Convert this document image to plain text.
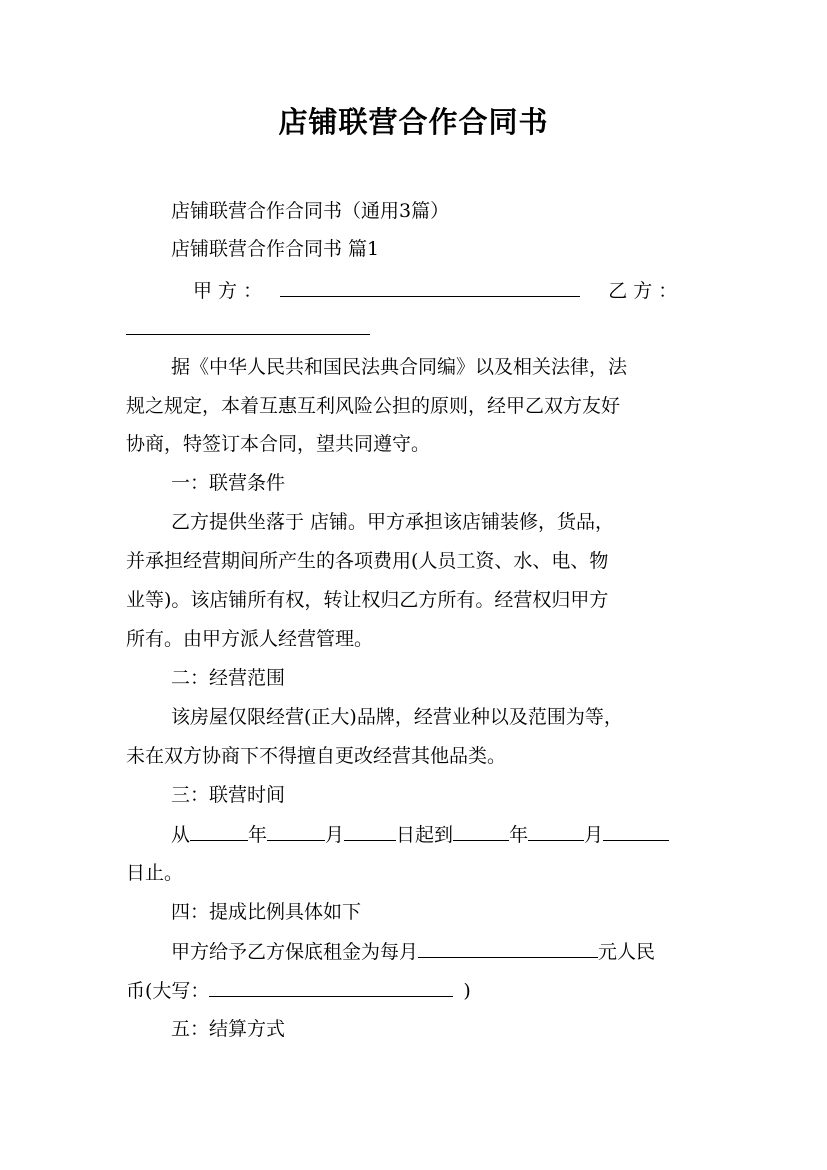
店铺联营合作合同书
店铺联营合作合同书（通用3篇）
店铺联营合作合同书 篇1
甲 方 ：	乙 方 ：
据《中华人民共和国民法典合同编》以及相关法律，法
规之规定，本着互惠互利风险公担的原则，经甲乙双方友好
协商，特签订本合同，望共同遵守。
一：联营条件
乙方提供坐落于 店铺。甲方承担该店铺装修，货品，
并承担经营期间所产生的各项费用(人员工资、水、电、物
业等)。该店铺所有权，转让权归乙方所有。经营权归甲方
所有。由甲方派人经营管理。
二：经营范围
该房屋仅限经营(正大)品牌，经营业种以及范围为等，
未在双方协商下不得擅自更改经营其他品类。
三：联营时间
从	年	月	日起到	年	月
日止。
四：提成比例具体如下
甲方给予乙方保底租金为每月	元人民
币(大写：	)
五：结算方式
